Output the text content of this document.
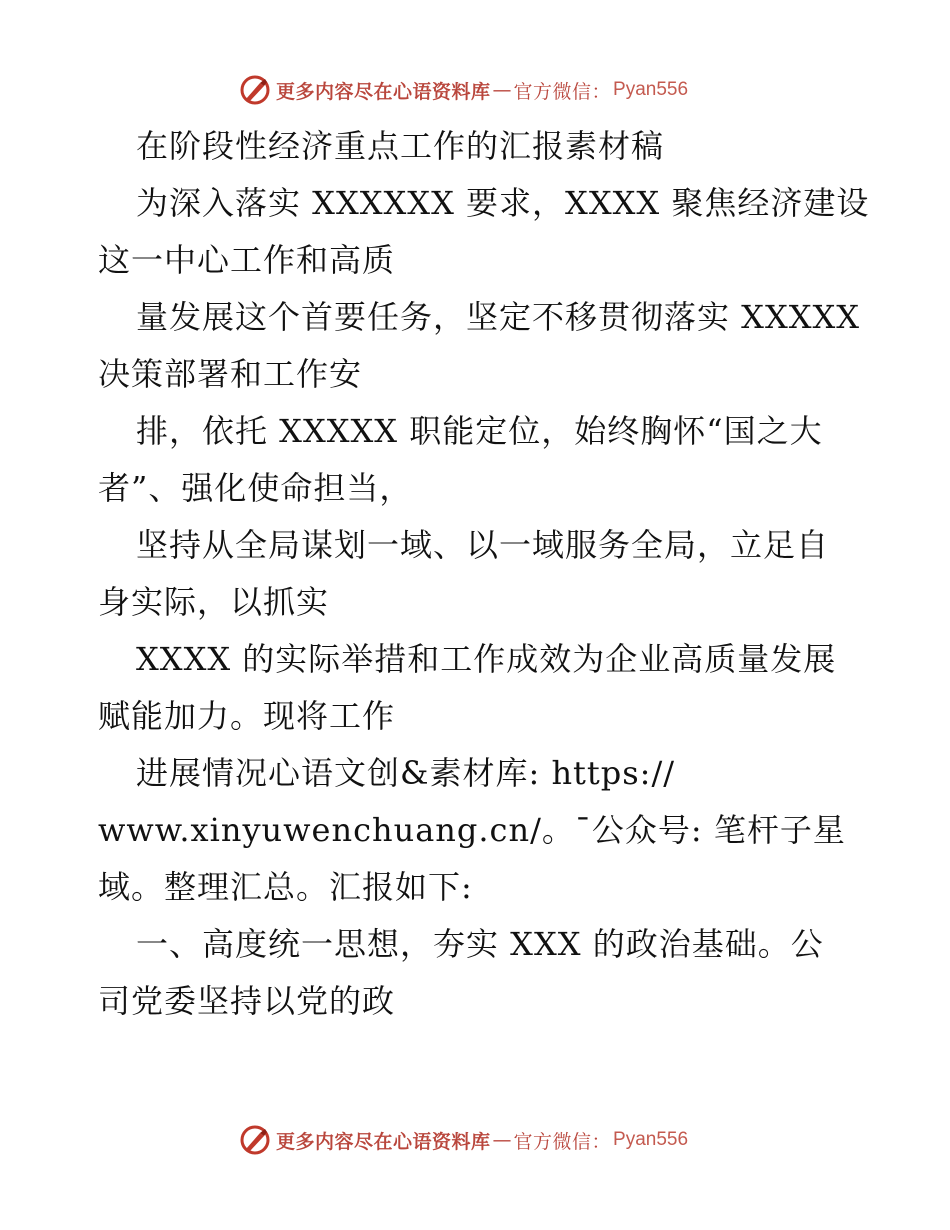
更多内容尽在心语资料库 — 官方微信： Pyan556
在阶段性经济重点工作的汇报素材稿
为深入落实 XXXXXX 要求，XXXX 聚焦经济建设
这一中心工作和高质
量发展这个首要任务，坚定不移贯彻落实 XXXXX
决策部署和工作安
排，依托 XXXXX 职能定位，始终胸怀“国之大
者”、强化使命担当，
坚持从全局谋划一域、以一域服务全局，立足自
身实际，以抓实
XXXX 的实际举措和工作成效为企业高质量发展
赋能加力。现将工作
进展情况心语文创&素材库: https://
www.xinyuwenchuang.cn/。¯公众号: 笔杆子星
域。整理汇总。汇报如下:
一、高度统一思想，夯实 XXX 的政治基础。公
司党委坚持以党的政
更多内容尽在心语资料库 — 官方微信： Pyan556
